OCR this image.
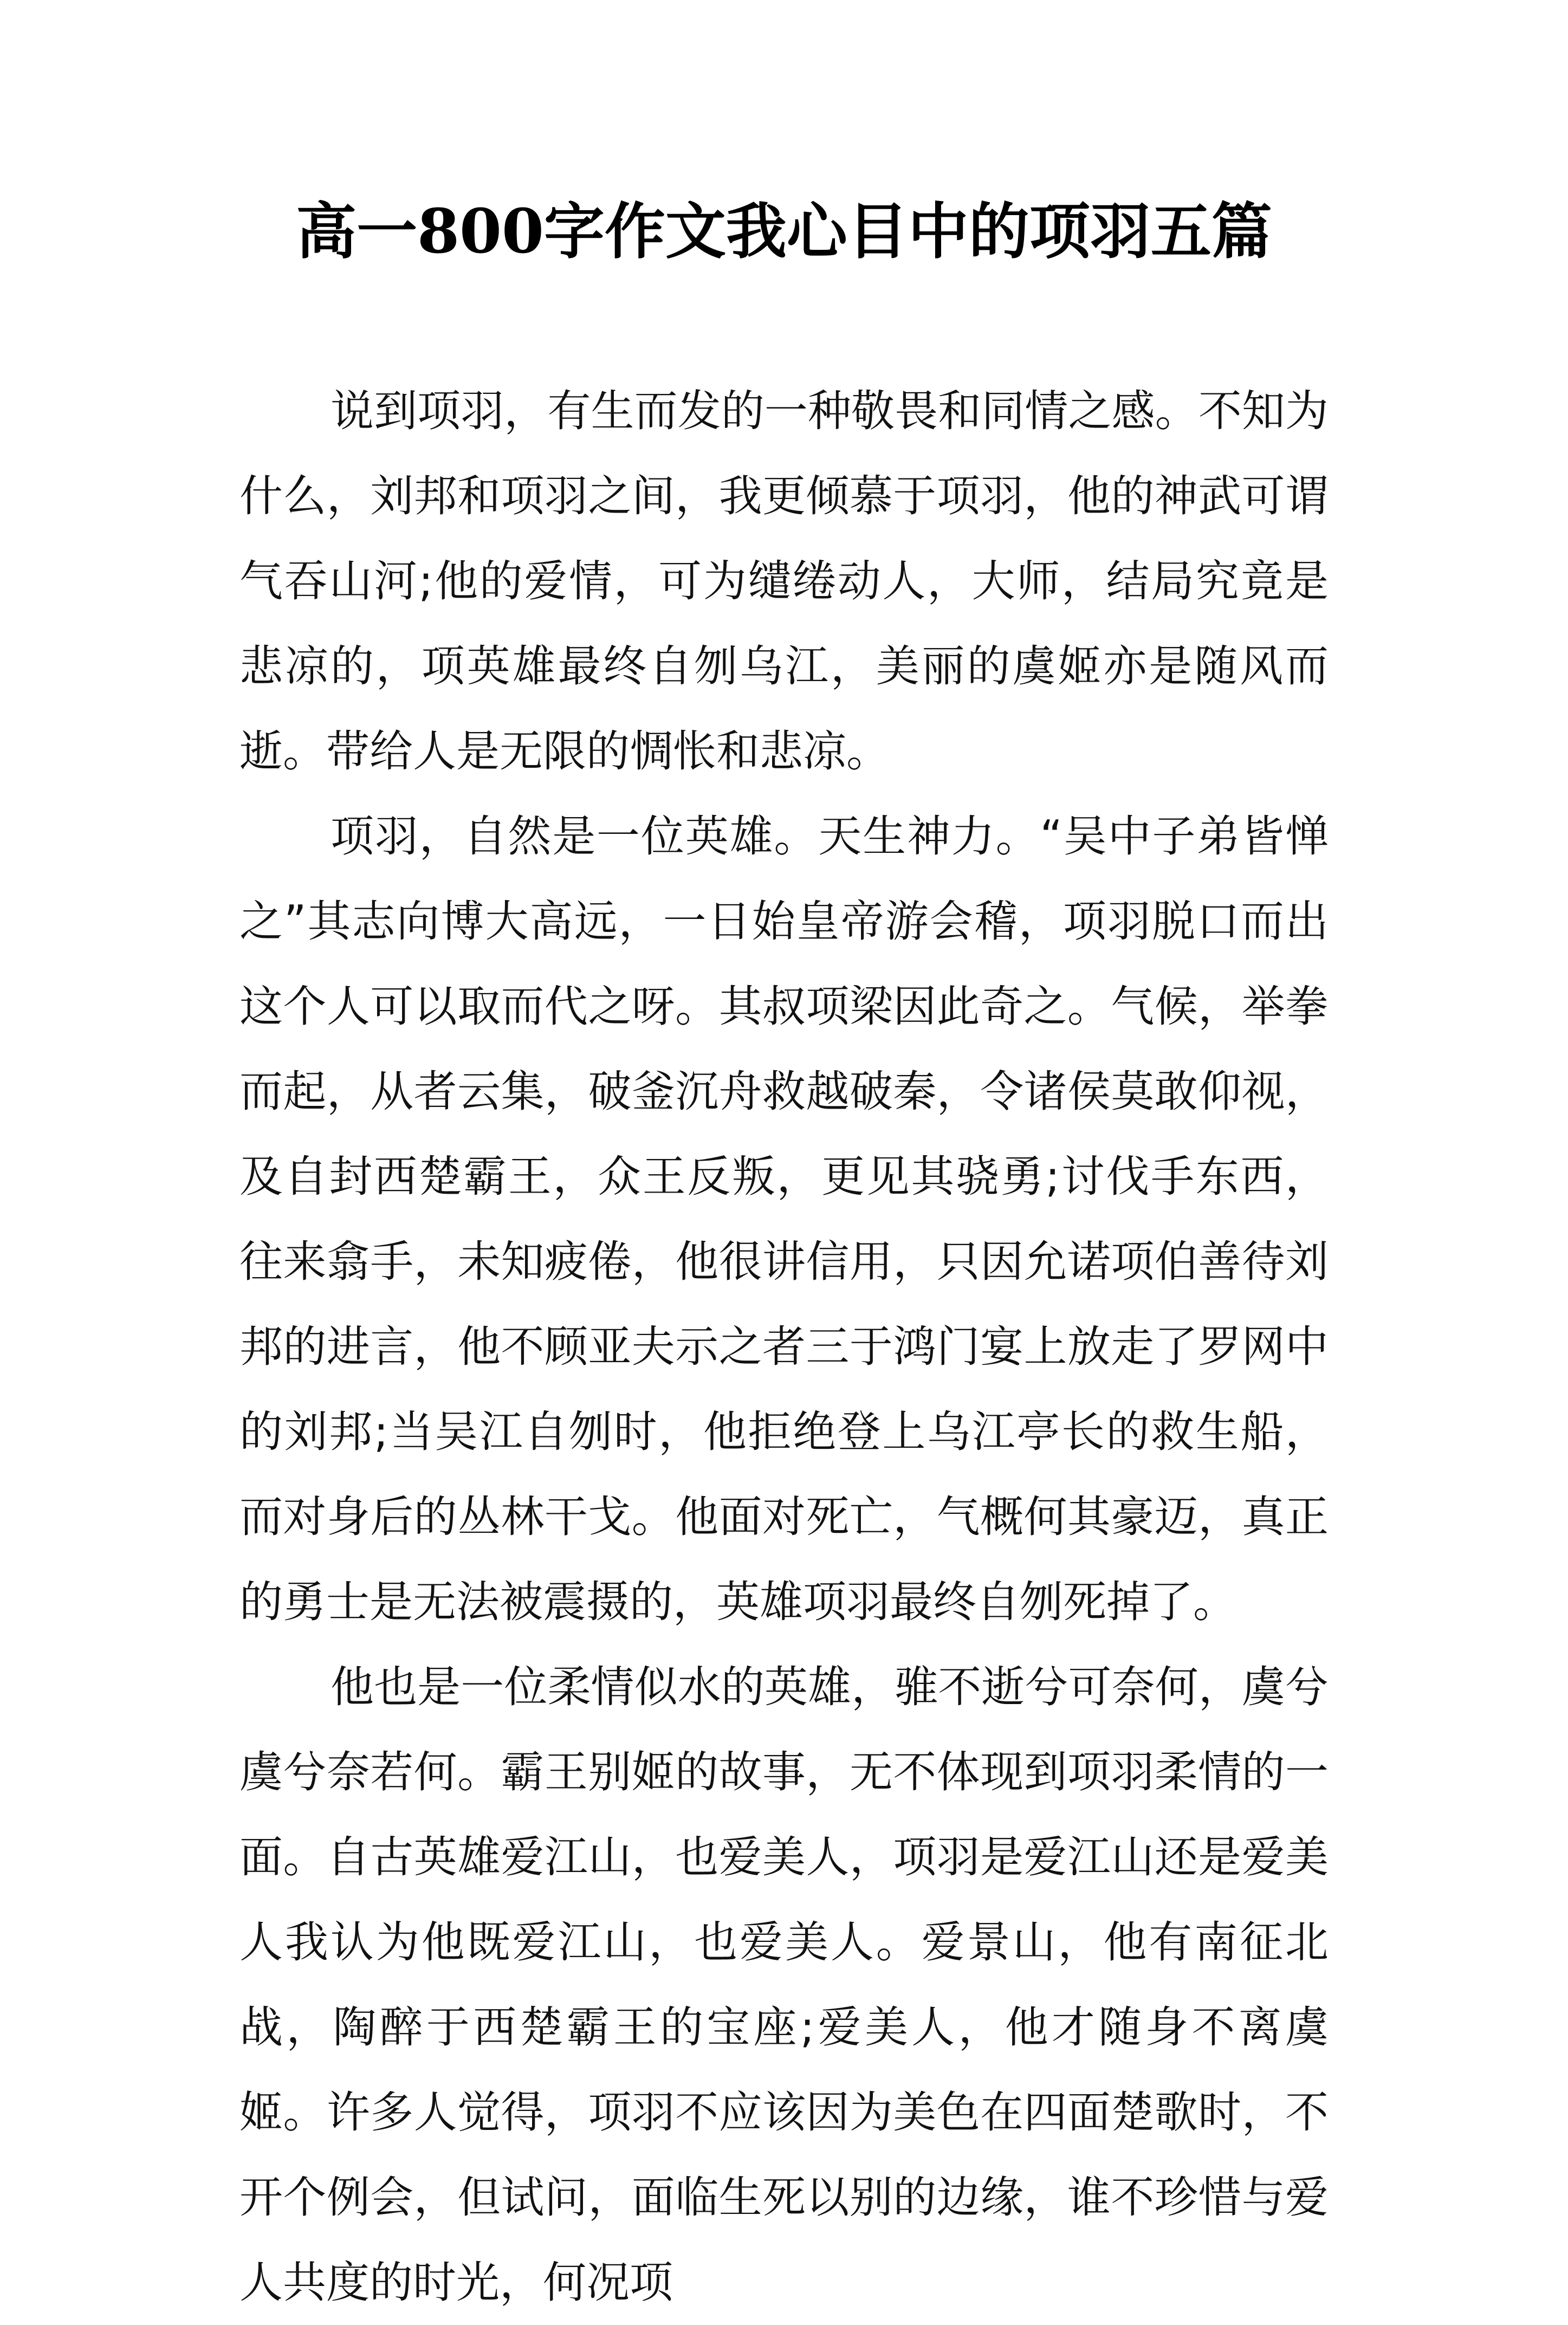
高一800字作文我心目中的项羽五篇

说到项羽，有生而发的一种敬畏和同情之感。不知为什么，刘邦和项羽之间，我更倾慕于项羽，他的神武可谓气吞山河;他的爱情，可为缱绻动人，大师，结局究竟是悲凉的，项英雄最终自刎乌江，美丽的虞姬亦是随风而逝。带给人是无限的惆怅和悲凉。

项羽，自然是一位英雄。天生神力。“吴中子弟皆惮之”其志向博大高远，一日始皇帝游会稽，项羽脱口而出这个人可以取而代之呀。其叔项梁因此奇之。气候，举拳而起，从者云集，破釜沉舟救越破秦，令诸侯莫敢仰视，及自封西楚霸王，众王反叛，更见其骁勇;讨伐手东西，往来翕手，未知疲倦，他很讲信用，只因允诺项伯善待刘邦的进言，他不顾亚夫示之者三于鸿门宴上放走了罗网中的刘邦;当吴江自刎时，他拒绝登上乌江亭长的救生船，而对身后的丛林干戈。他面对死亡，气概何其豪迈，真正的勇士是无法被震摄的，英雄项羽最终自刎死掉了。

他也是一位柔情似水的英雄，骓不逝兮可奈何，虞兮虞兮奈若何。霸王别姬的故事，无不体现到项羽柔情的一面。自古英雄爱江山，也爱美人，项羽是爱江山还是爱美人我认为他既爱江山，也爱美人。爱景山，他有南征北战，陶醉于西楚霸王的宝座;爱美人，他才随身不离虞姬。许多人觉得，项羽不应该因为美色在四面楚歌时，不开个例会，但试问，面临生死以别的边缘，谁不珍惜与爱人共度的时光，何况项
